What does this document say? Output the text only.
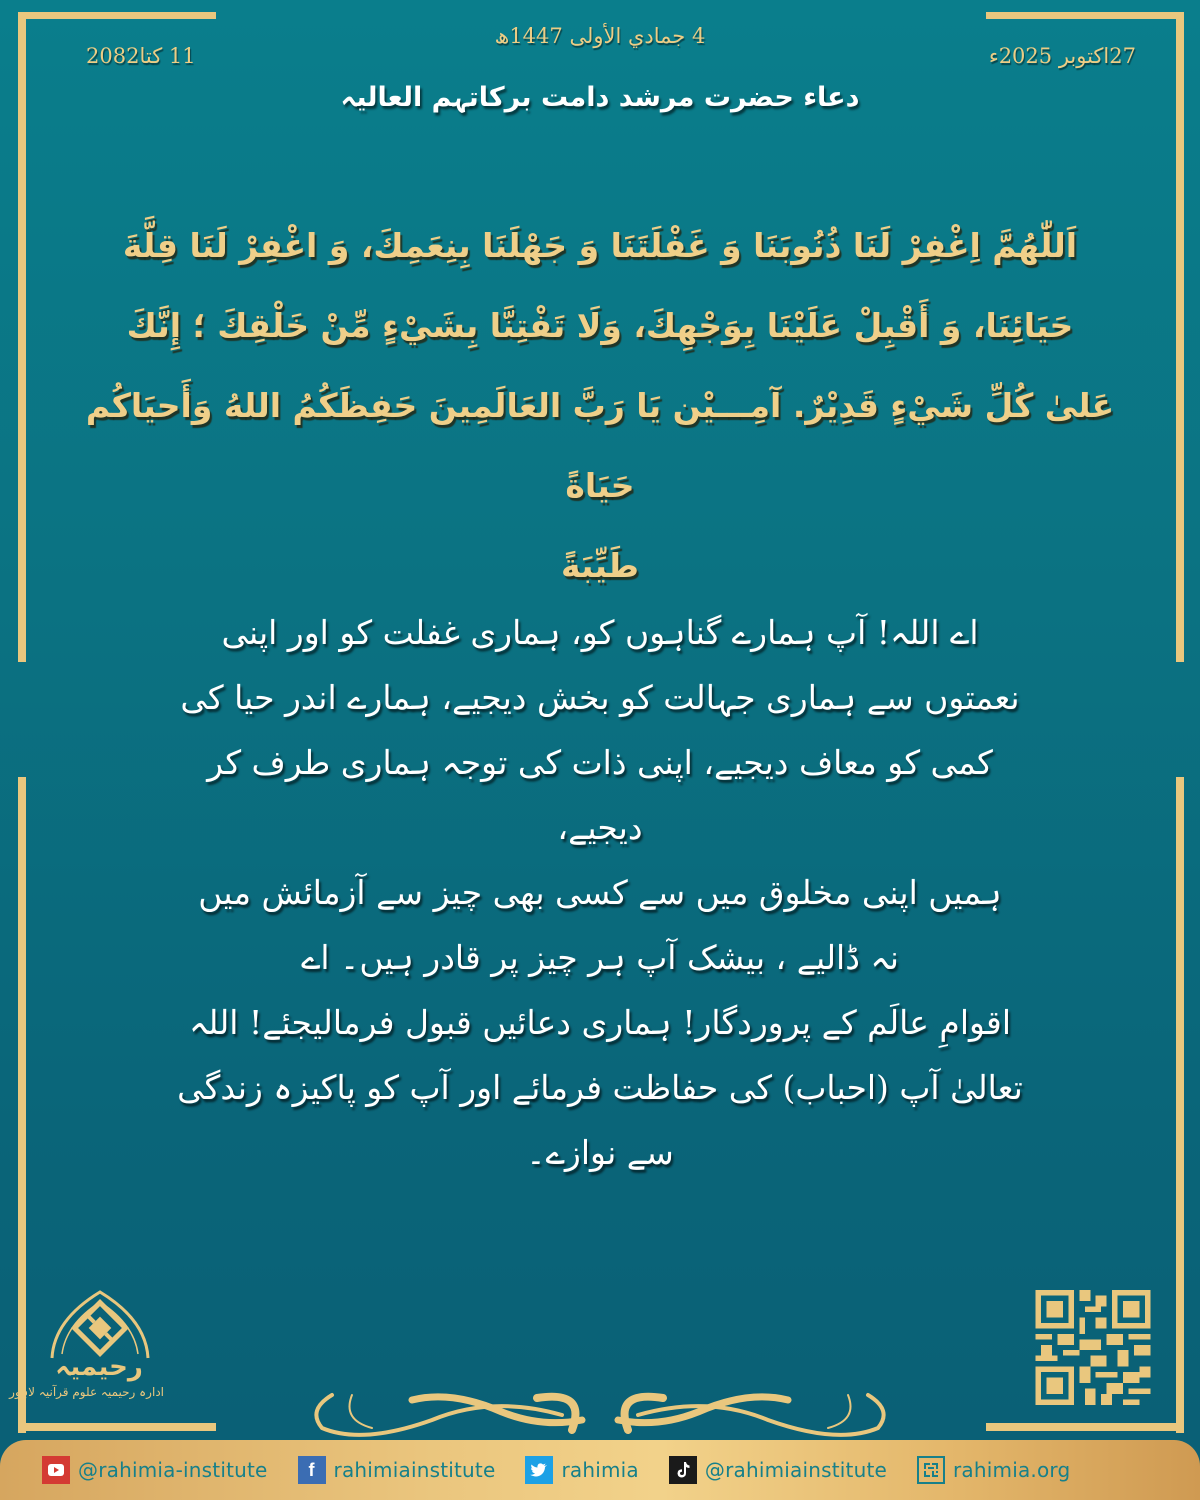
11 کتا2082
4 جمادي الأولى 1447ھ
27اکتوبر 2025ء
دعاء حضرت مرشد دامت برکاتہم العالیہ
اَللّٰهُمَّ اِغْفِرْ لَنَا ذُنُوبَنَا وَ غَفْلَتَنَا وَ جَهْلَنَا بِنِعَمِكَ، وَ اغْفِرْ لَنَا قِلَّةَ
حَيَائِنَا، وَ أَقْبِلْ عَلَيْنَا بِوَجْهِكَ، وَلَا تَفْتِنَّا بِشَيْءٍ مِّنْ خَلْقِكَ ؛ إِنَّكَ
عَلىٰ كُلِّ شَيْءٍ قَدِيْرٌ. آمِـــيْن يَا رَبَّ العَالَمِينَ حَفِظَكُمُ اللهُ وَأَحيَاكُم حَيَاةً
طَيِّبَةً
اے اللہ! آپ ہمارے گناہوں کو، ہماری غفلت کو اور اپنی
نعمتوں سے ہماری جہالت کو بخش دیجیے، ہمارے اندر حیا کی
کمی کو معاف دیجیے، اپنی ذات کی توجہ ہماری طرف کر دیجیے،
ہمیں اپنی مخلوق میں سے کسی بھی چیز سے آزمائش میں
نہ ڈالیے ، بیشک آپ ہر چیز پر قادر ہیں۔ اے
اقوامِ عالَم کے پروردگار! ہماری دعائیں قبول فرمالیجئے! اللہ
تعالیٰ آپ (احباب) کی حفاظت فرمائے اور آپ کو پاکیزہ زندگی
سے نوازے۔
رحیمیہ
ادارہ رحیمیہ علوم قرآنیہ لاہور
@rahimia-institute	f rahimiainstitute	rahimia	@rahimiainstitute	rahimia.org
